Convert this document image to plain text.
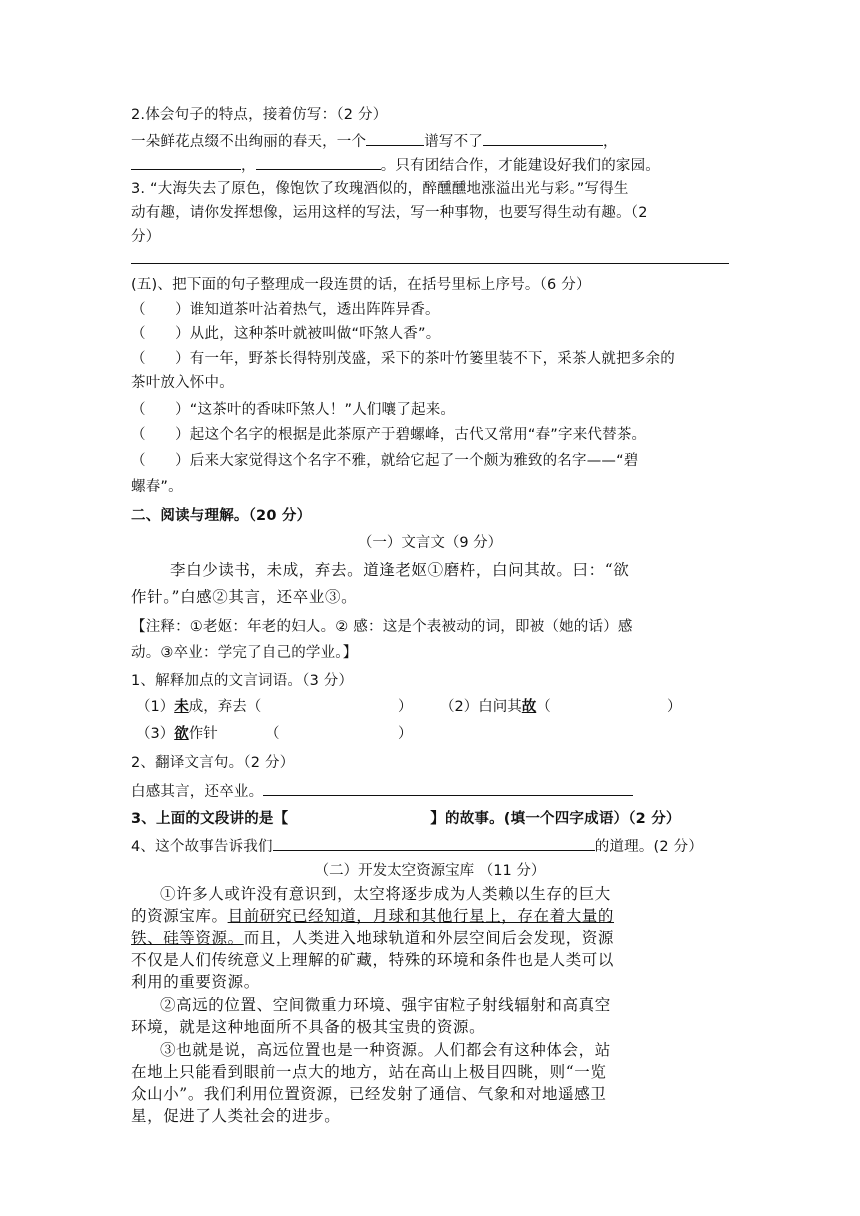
2.体会句子的特点，接着仿写：（2 分）
一朵鲜花点缀不出绚丽的春天，一个	谱写不了	，
，	。只有团结合作，才能建设好我们的家园。
3. “大海失去了原色，像饱饮了玫瑰酒似的，醉醺醺地涨溢出光与彩。”写得生
动有趣，请你发挥想像，运用这样的写法，写一种事物，也要写得生动有趣。（2
分）
(五)、把下面的句子整理成一段连贯的话，在括号里标上序号。（6 分）
（　　）谁知道茶叶沾着热气，透出阵阵异香。
（　　）从此，这种茶叶就被叫做“吓煞人香”。
（　　）有一年，野茶长得特别茂盛，采下的茶叶竹篓里装不下，采茶人就把多余的
茶叶放入怀中。
（　　）“这茶叶的香味吓煞人！”人们嚷了起来。
（　　）起这个名字的根据是此茶原产于碧螺峰，古代又常用“春”字来代替茶。
（　　）后来大家觉得这个名字不雅，就给它起了一个颇为雅致的名字——“碧
螺春”。
二、阅读与理解。（20 分）
（一）文言文（9 分）
李白少读书，未成，弃去。道逢老妪①磨杵，白问其故。曰：“欲
作针。”白感②其言，还卒业③。
【注释：①老妪：年老的妇人。② 感：这是个表被动的词，即被（她的话）感
动。③卒业：学完了自己的学业。】
1、解释加点的文言词语。（3 分）
（1）未成，弃去（	） （2）白问其故（	）
（3）欲作针	（	）
2、翻译文言句。（2 分）
白感其言，还卒业。
3、上面的文段讲的是【	】的故事。(填一个四字成语）（2 分）
4、这个故事告诉我们	的道理。(2 分）
（二）开发太空资源宝库 （11 分）
①许多人或许没有意识到，太空将逐步成为人类赖以生存的巨大
的资源宝库。目前研究已经知道，月球和其他行星上，存在着大量的
铁、硅等资源。而且，人类进入地球轨道和外层空间后会发现，资源
不仅是人们传统意义上理解的矿藏，特殊的环境和条件也是人类可以
利用的重要资源。
②高远的位置、空间微重力环境、强宇宙粒子射线辐射和高真空
环境，就是这种地面所不具备的极其宝贵的资源。
③也就是说，高远位置也是一种资源。人们都会有这种体会，站
在地上只能看到眼前一点大的地方，站在高山上极目四眺，则“一览
众山小”。我们利用位置资源，已经发射了通信、气象和对地遥感卫
星，促进了人类社会的进步。
